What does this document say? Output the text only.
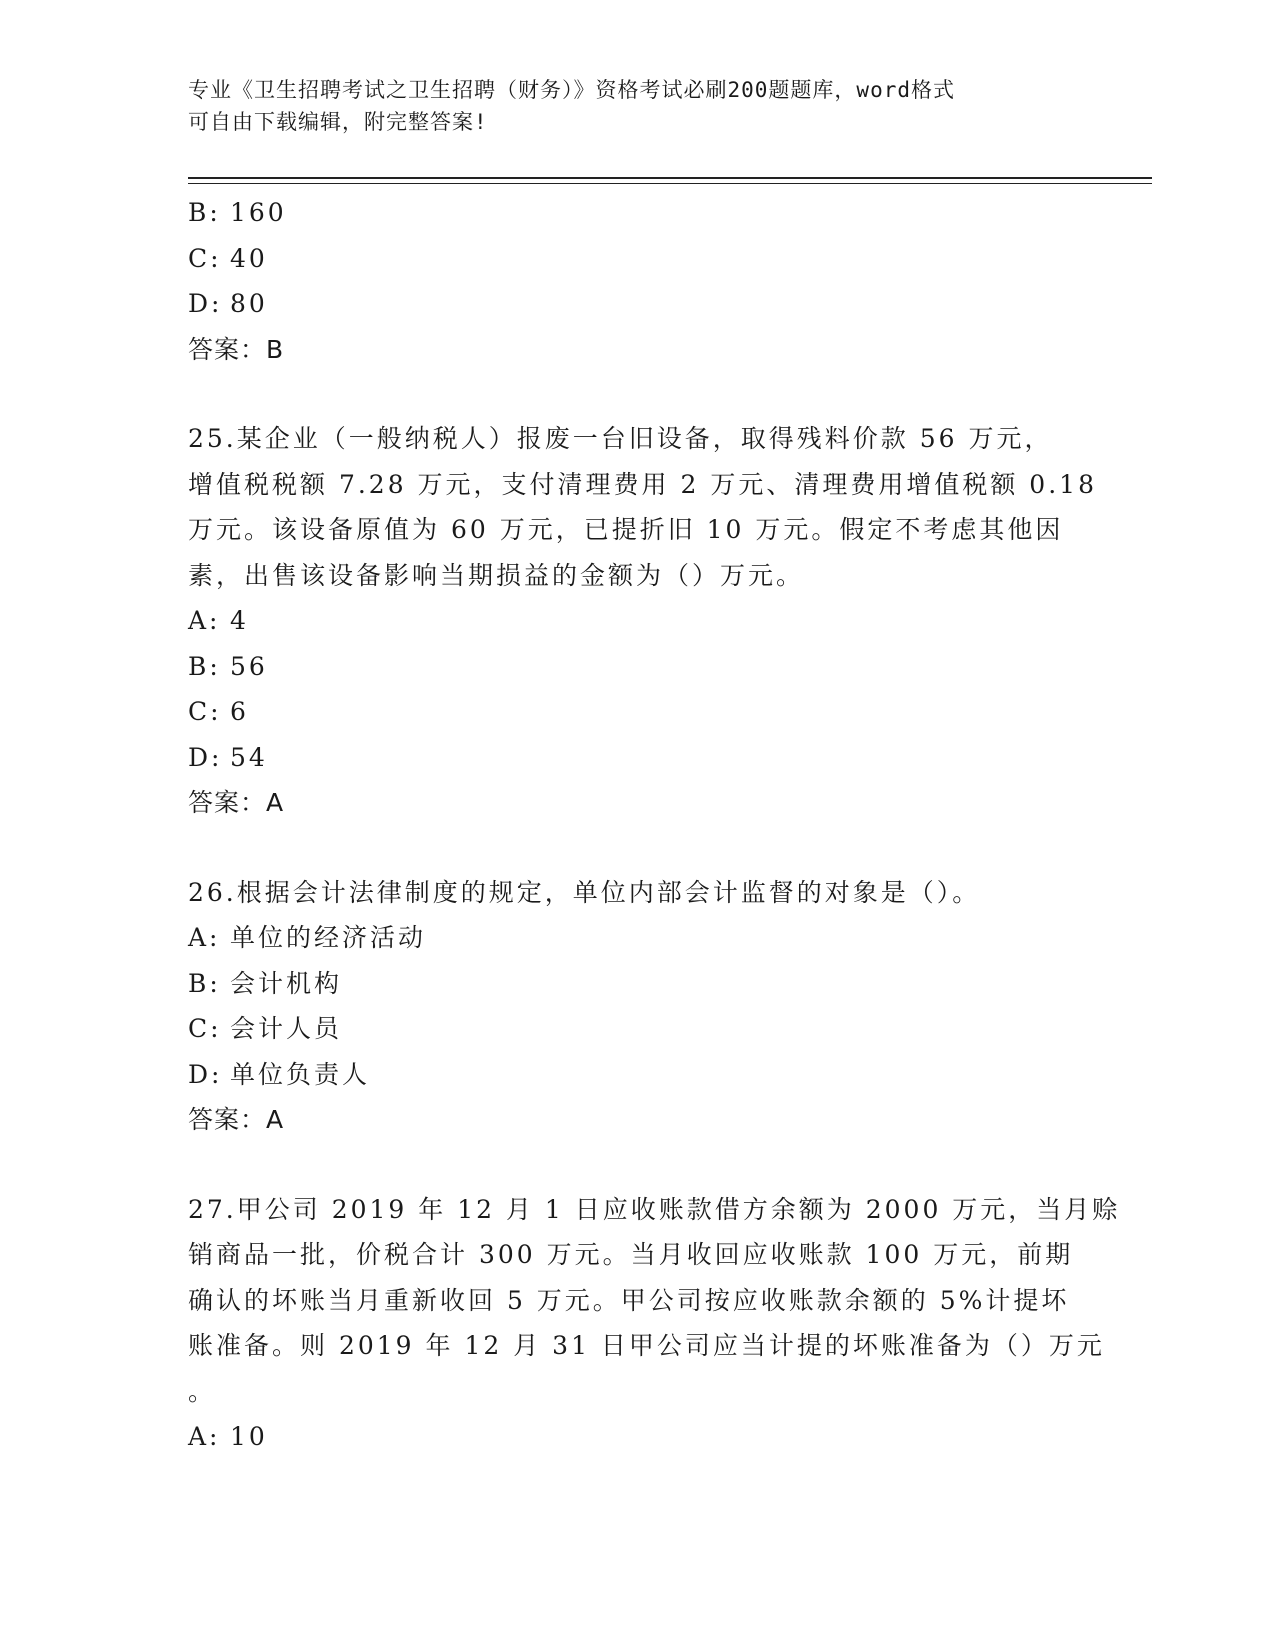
专业《卫生招聘考试之卫生招聘（财务）》资格考试必刷200题题库，word格式
可自由下载编辑，附完整答案!
B: 160
C: 40
D: 80
答案：B
25.某企业（一般纳税人）报废一台旧设备，取得残料价款 56 万元，
增值税税额 7.28 万元，支付清理费用 2 万元、清理费用增值税额 0.18
万元。该设备原值为 60 万元，已提折旧 10 万元。假定不考虑其他因
素，出售该设备影响当期损益的金额为（）万元。
A: 4
B: 56
C: 6
D: 54
答案：A
26.根据会计法律制度的规定，单位内部会计监督的对象是（）。
A: 单位的经济活动
B: 会计机构
C: 会计人员
D: 单位负责人
答案：A
27.甲公司 2019 年 12 月 1 日应收账款借方余额为 2000 万元，当月赊
销商品一批，价税合计 300 万元。当月收回应收账款 100 万元，前期
确认的坏账当月重新收回 5 万元。甲公司按应收账款余额的 5%计提坏
账准备。则 2019 年 12 月 31 日甲公司应当计提的坏账准备为（）万元
。
A: 10
